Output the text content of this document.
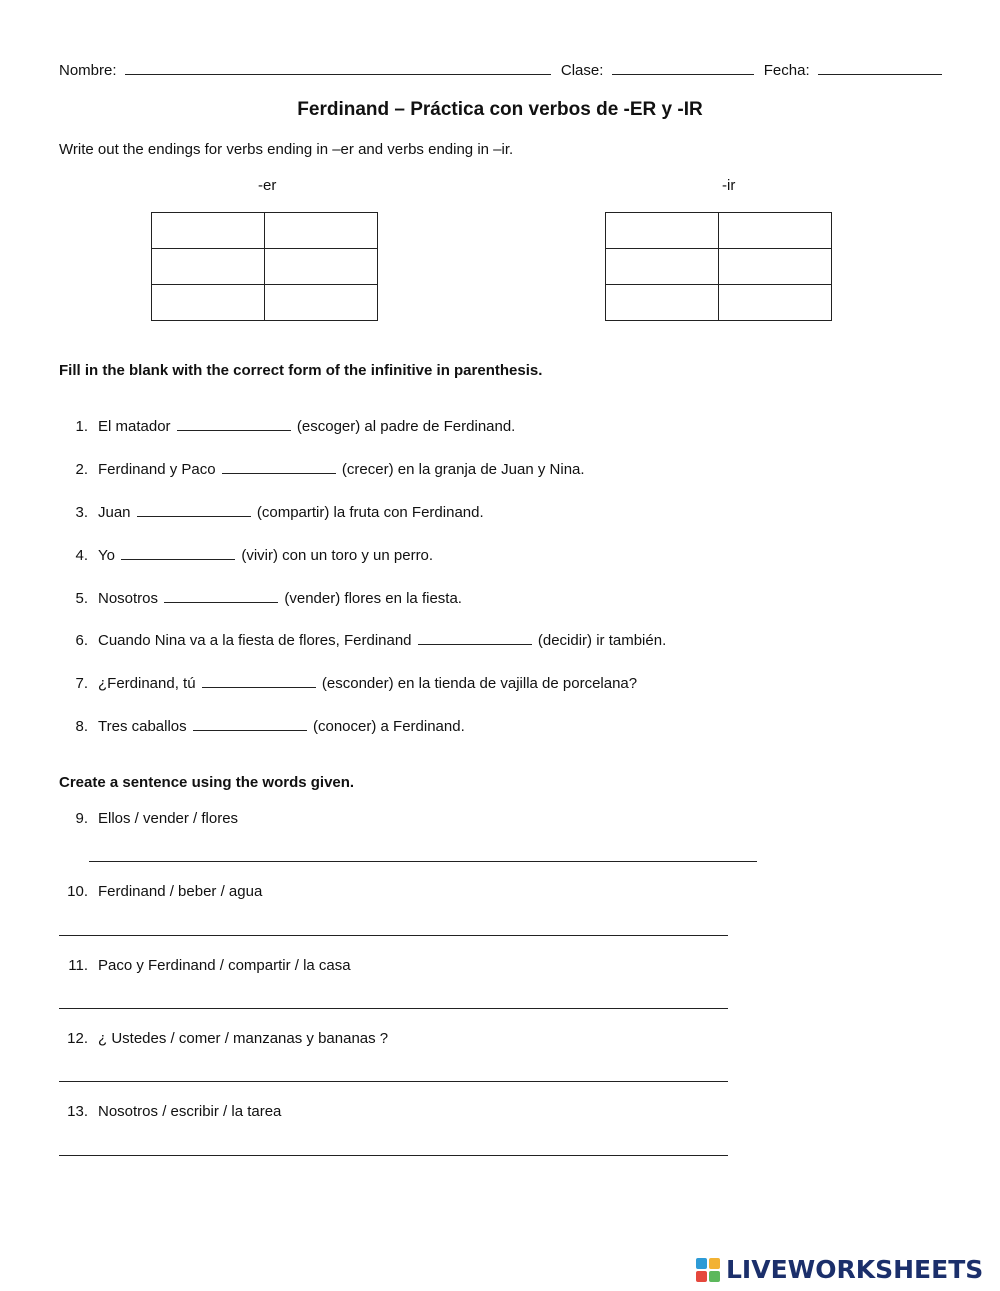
Nombre:	Clase:	Fecha:
Ferdinand – Práctica con verbos de -ER y -IR
Write out the endings for verbs ending in –er and verbs ending in –ir.
-er	-ir

Fill in the blank with the correct form of the infinitive in parenthesis.
1. El matador	(escoger) al padre de Ferdinand.
2. Ferdinand y Paco	(crecer) en la granja de Juan y Nina.
3. Juan	(compartir) la fruta con Ferdinand.
4. Yo	(vivir) con un toro y un perro.
5. Nosotros	(vender) flores en la fiesta.
6. Cuando Nina va a la fiesta de flores, Ferdinand	(decidir) ir también.
7. ¿Ferdinand, tú	(esconder) en la tienda de vajilla de porcelana?
8. Tres caballos	(conocer) a Ferdinand.
Create a sentence using the words given.
9. Ellos / vender / flores
10. Ferdinand / beber / agua
11. Paco y Ferdinand / compartir / la casa
12. ¿ Ustedes / comer / manzanas y bananas ?
13. Nosotros / escribir / la tarea
LIVEWORKSHEETS
